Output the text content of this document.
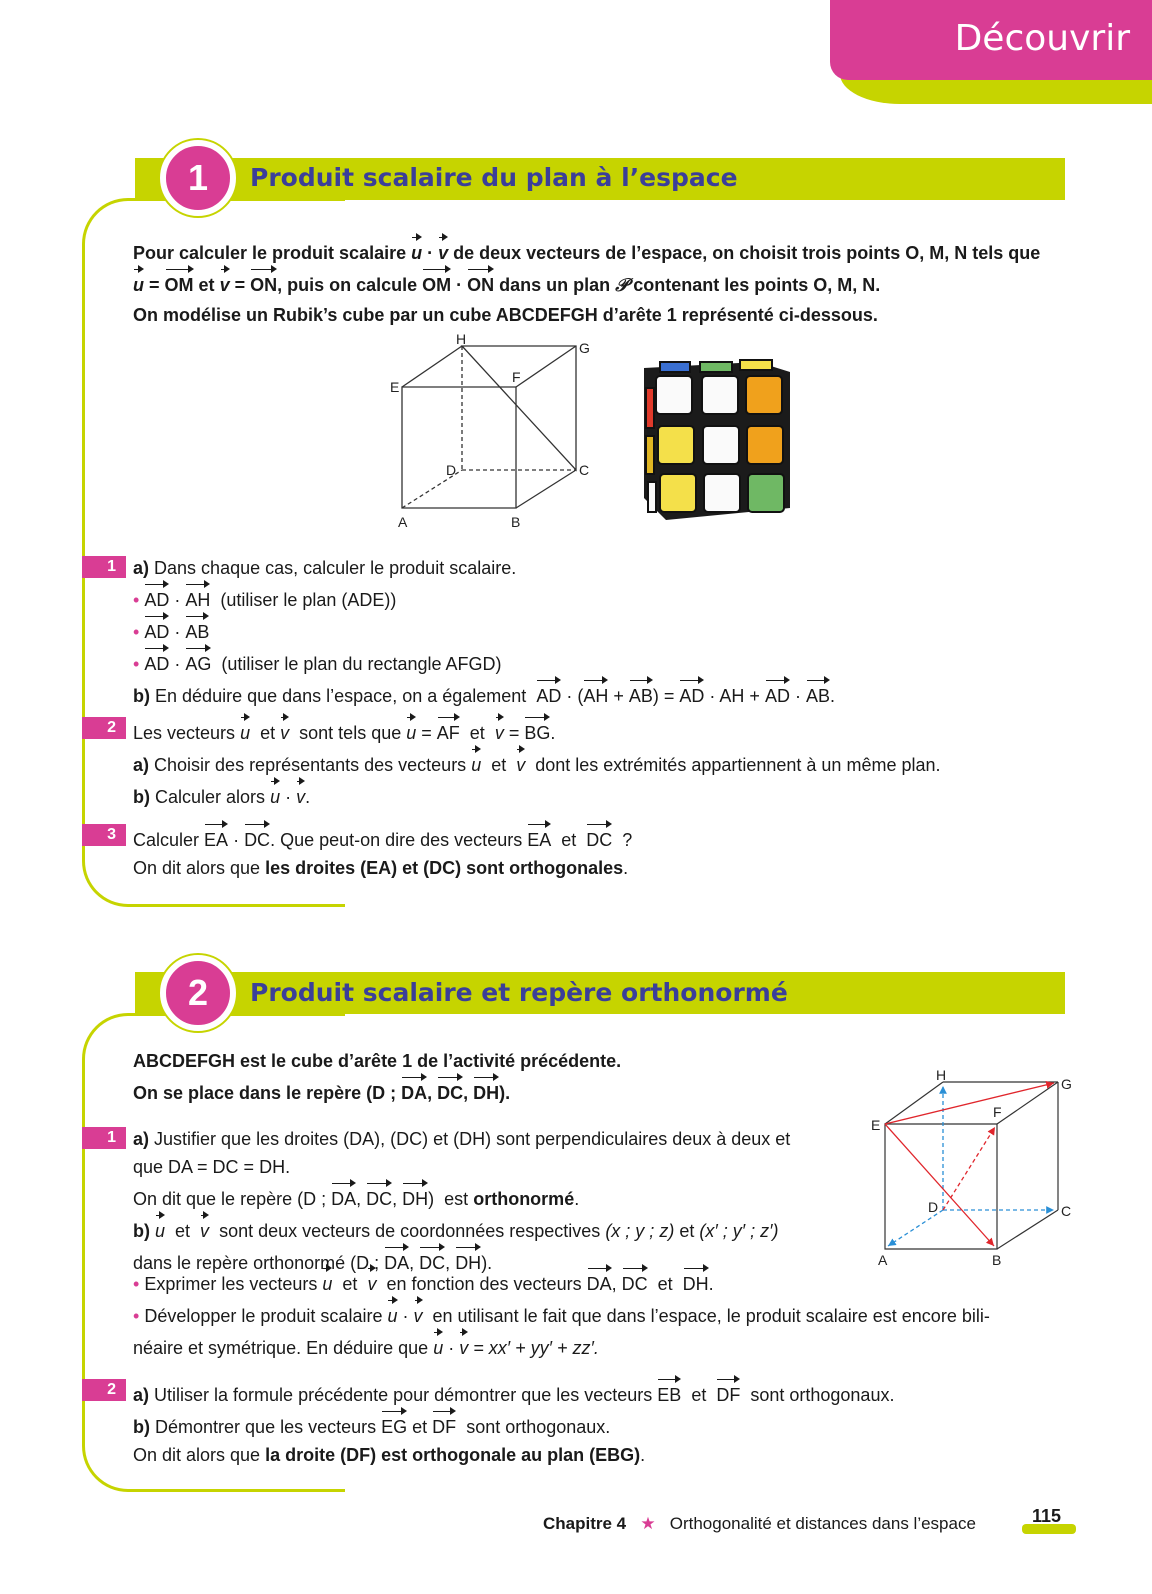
Découvrir
1	Produit scalaire du plan à l’espace
Pour calculer le produit scalaire u · v de deux vecteurs de l’espace, on choisit trois points O, M, N tels que
u = OM et v = ON, puis on calcule OM · ON dans un plan 𝒫 contenant les points O, M, N.
On modélise un Rubik’s cube par un cube ABCDEFGH d’arête 1 représenté ci-dessous.
H
G
E
F
D	C
A	B
1 a) Dans chaque cas, calculer le produit scalaire.
• AD · AH (utiliser le plan (ADE))
• AD · AB
• AD · AG (utiliser le plan du rectangle AFGD)
b) En déduire que dans l’espace, on a également AD · (AH + AB) = AD · AH + AD · AB.
2 Les vecteurs u et v sont tels que u = AF  et  v = BG.
a) Choisir des représentants des vecteurs u  et  v dont les extrémités appartiennent à un même plan.
b) Calculer alors u · v.
3 Calculer EA · DC. Que peut-on dire des vecteurs EA  et  DC ?
On dit alors que les droites (EA) et (DC) sont orthogonales.
2	Produit scalaire et repère orthonormé
ABCDEFGH est le cube d’arête 1 de l’activité précédente.
On se place dans le repère (D ; DA, DC, DH).
H
G
E
F
D	C
A	B
1 a) Justifier que les droites (DA), (DC) et (DH) sont perpendiculaires deux à deux et
que DA = DC = DH.
On dit que le repère (D ; DA, DC, DH)  est orthonormé.
b) u  et  v sont deux vecteurs de coordonnées respectives (x ; y ; z) et (x′ ; y′ ; z′)
dans le repère orthonormé (D ; DA, DC, DH).
• Exprimer les vecteurs u  et  v en fonction des vecteurs DA, DC  et  DH.
• Développer le produit scalaire u · v en utilisant le fait que dans l’espace, le produit scalaire est encore bili-
néaire et symétrique. En déduire que u · v = xx′ + yy′ + zz′.
2 a) Utiliser la formule précédente pour démontrer que les vecteurs EB  et  DF sont orthogonaux.
b) Démontrer que les vecteurs EG et DF sont orthogonaux.
On dit alors que la droite (DF) est orthogonale au plan (EBG).
Chapitre 4 ★ Orthogonalité et distances dans l’espace	115
